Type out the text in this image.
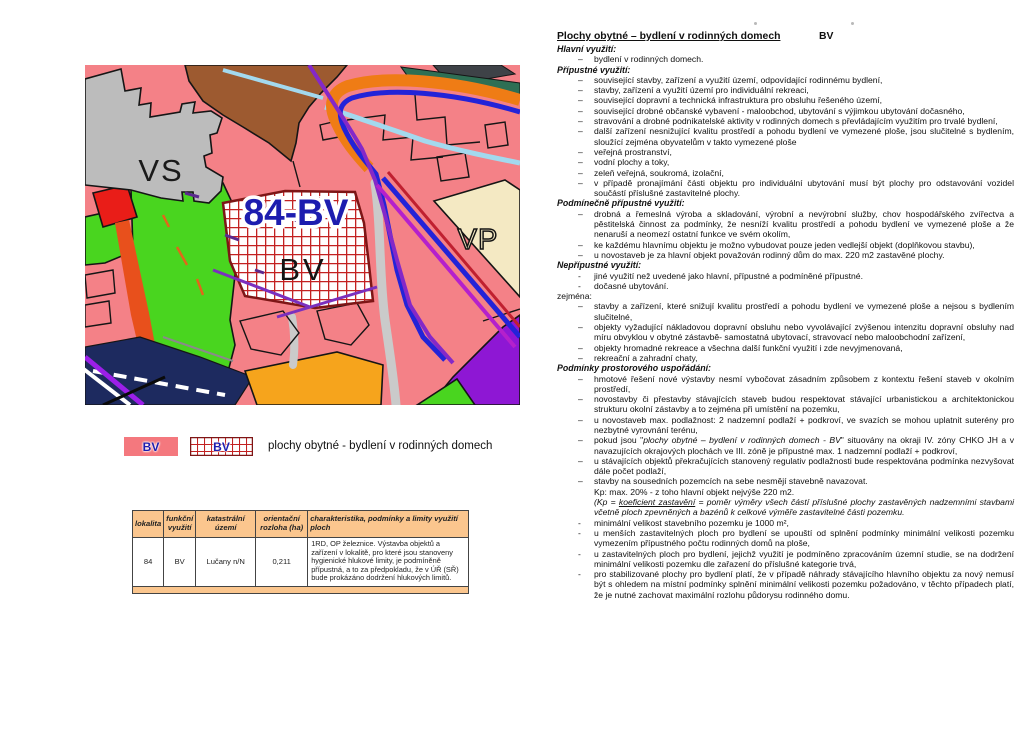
VS
84-BV
BV
VP
BV	BV	plochy obytné - bydlení v rodinných domech
lokalita	funkční využití	katastrální území	orientační rozloha (ha)	charakteristika, podmínky a limity využití ploch
84	BV	Lučany n/N	0,211	1RD, OP železnice. Výstavba objektů a zařízení v lokalitě, pro které jsou stanoveny hygienické hlukové limity, je podmíněně přípustná, a to za předpokladu, že v ÚŘ (SŘ) bude prokázáno dodržení hlukových limitů.

Plochy obytné – bydlení v rodinných domech	BV
Hlavní využití:
–	bydlení v rodinných domech.
Přípustné využití:
–	související stavby, zařízení a využití území, odpovídající rodinnému bydlení,
–	stavby, zařízení a využití území pro individuální rekreaci,
–	související dopravní a technická infrastruktura pro obsluhu řešeného území,
–	související drobné občanské vybavení - maloobchod, ubytování s výjimkou ubytování dočasného,
–	stravování a drobné podnikatelské aktivity v rodinných domech s převládajícím využitím pro trvalé bydlení,
–	další zařízení nesnižující kvalitu prostředí a pohodu bydlení ve vymezené ploše, jsou slučitelné s bydlením, sloužící zejména obyvatelům v takto vymezené ploše
–	veřejná prostranství,
–	vodní plochy a toky,
–	zeleň veřejná, soukromá, izolační,
–	v případě pronajímání části objektu pro individuální ubytování musí být plochy pro odstavování vozidel součástí příslušné zastavitelné plochy.
Podmínečně přípustné využití:
–	drobná a řemeslná výroba a skladování, výrobní a nevýrobní služby, chov hospodářského zvířectva a pěstitelská činnost za podmínky, že nesníží kvalitu prostředí a pohodu bydlení ve vymezené ploše a že nenaruší a neomezí ostatní funkce ve svém okolím,
–	ke každému hlavnímu objektu je možno vybudovat pouze jeden vedlejší objekt (doplňkovou stavbu),
–	u novostaveb je za hlavní objekt považován rodinný dům do max. 220 m2 zastavěné plochy.
Nepřípustné využití:
-	jiné využití než uvedené jako hlavní, přípustné a podmíněné přípustné.
-	dočasné ubytování.
zejména:
–	stavby a zařízení, které snižují kvalitu prostředí a pohodu bydlení ve vymezené ploše a nejsou s bydlením slučitelné,
–	objekty vyžadující nákladovou dopravní obsluhu nebo vyvolávající zvýšenou intenzitu dopravní obsluhy nad míru obvyklou v obytné zástavbě- samostatná ubytovací, stravovací nebo maloobchodní zařízení,
–	objekty hromadné rekreace a všechna další funkční využití i zde nevyjmenovaná,
–	rekreační a zahradní chaty,
Podmínky prostorového uspořádání:
–	hmotové řešení nové výstavby nesmí vybočovat zásadním způsobem z kontextu řešení staveb v okolním prostředí,
–	novostavby či přestavby stávajících staveb budou respektovat stávající urbanistickou a architektonickou strukturu okolní zástavby a to zejména při umístění na pozemku,
–	u novostaveb max. podlažnost: 2 nadzemní podlaží + podkroví, ve svazích se mohou uplatnit suterény pro nezbytné vyrovnání terénu,
–	pokud jsou "plochy obytné – bydlení v rodinných domech - BV" situovány na okraji IV. zóny CHKO JH a v navazujících okrajových plochách ve III. zóně je přípustné max. 1 nadzemní podlaží + podkroví,
–	u stávajících objektů překračujících stanovený regulativ podlažnosti bude respektována podmínka nezvyšovat dále počet podlaží,
–	stavby na sousedních pozemcích na sebe nesmějí stavebně navazovat.
Kp: max. 20% - z toho hlavní objekt nejvýše 220 m2.
(Kp = koeficient zastavění = poměr výměry všech částí příslušné plochy zastavěných nadzemními stavbami včetně ploch zpevněných a bazénů k celkové výměře zastavitelné části pozemku.
-	minimální velikost stavebního pozemku je 1000 m²,
-	u menších zastavitelných ploch pro bydlení se upouští od splnění podmínky minimální velikosti pozemku vymezením přípustného počtu rodinných domů na ploše,
-	u zastavitelných ploch pro bydlení, jejichž využití je podmíněno zpracováním územní studie, se na dodržení minimální velikosti pozemku dle zařazení do příslušné kategorie trvá,
-	pro stabilizované plochy pro bydlení platí, že v případě náhrady stávajícího hlavního objektu za nový nemusí být s ohledem na místní podmínky splnění minimální velikosti pozemku požadováno, v těchto případech platí, že je nutné zachovat maximální rozlohu půdorysu rodinného domu.
